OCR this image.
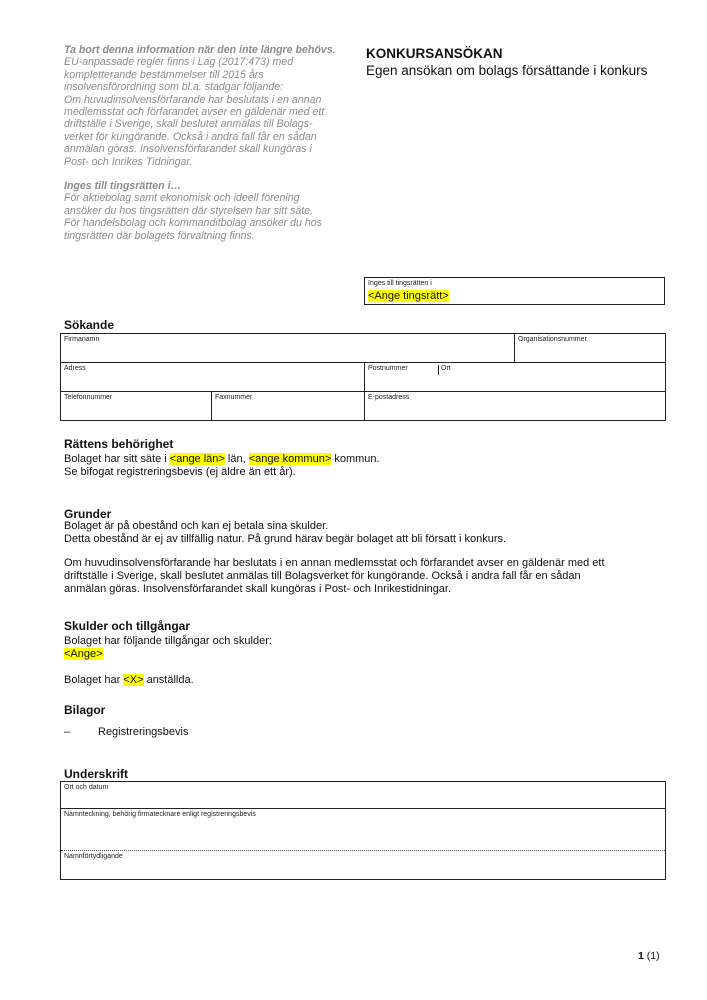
Ta bort denna information när den inte längre behövs.

EU-anpassade regler finns i Lag (2017:473) med

kompletterande bestämmelser till 2015 års

insolvensförordning som bl.a. stadgar följande:

Om huvudinsolvensförfarande har beslutats i en annan

medlemsstat och förfarandet avser en gäldenär med ett

driftställe i Sverige, skall beslutet anmälas till Bolags-

verket för kungörande. Också i andra fall får en sådan

anmälan göras. Insolvensförfarandet skall kungöras i

Post- och Inrikes Tidningar.

Inges till tingsrätten i…

För aktiebolag samt ekonomisk och ideell förening

ansöker du hos tingsrätten där styrelsen har sitt säte.

För handelsbolag och kommanditbolag ansöker du hos

tingsrätten där bolagets förvaltning finns.

KONKURSANSÖKAN
Egen ansökan om bolags försättande i konkurs
Inges till tingsrätten i
<Ange tingsrätt>
Sökande
Firmanamn	Organisationsnummer
Adress	Postnummer	Ort
Telefonnummer	Faxnummer	E-postadress
Rättens behörighet

Bolaget har sitt säte i <ange län> län, <ange kommun> kommun.

Se bifogat registreringsbevis (ej äldre än ett år).

Grunder

Bolaget är på obestånd och kan ej betala sina skulder.

Detta obestånd är ej av tillfällig natur. På grund härav begär bolaget att bli försatt i konkurs.

Om huvudinsolvensförfarande har beslutats i en annan medlemsstat och förfarandet avser en gäldenär med ett

driftställe i Sverige, skall beslutet anmälas till Bolagsverket för kungörande. Också i andra fall får en sådan

anmälan göras. Insolvensförfarandet skall kungöras i Post- och Inrikestidningar.

Skulder och tillgångar

Bolaget har följande tillgångar och skulder:

<Ange>

Bolaget har <X> anställda.

Bilagor
–	Registreringsbevis
Underskrift
Ort och datum
Namnteckning, behörig firmatecknare enligt registreringsbevis
Namnförtydligande
1 (1)
